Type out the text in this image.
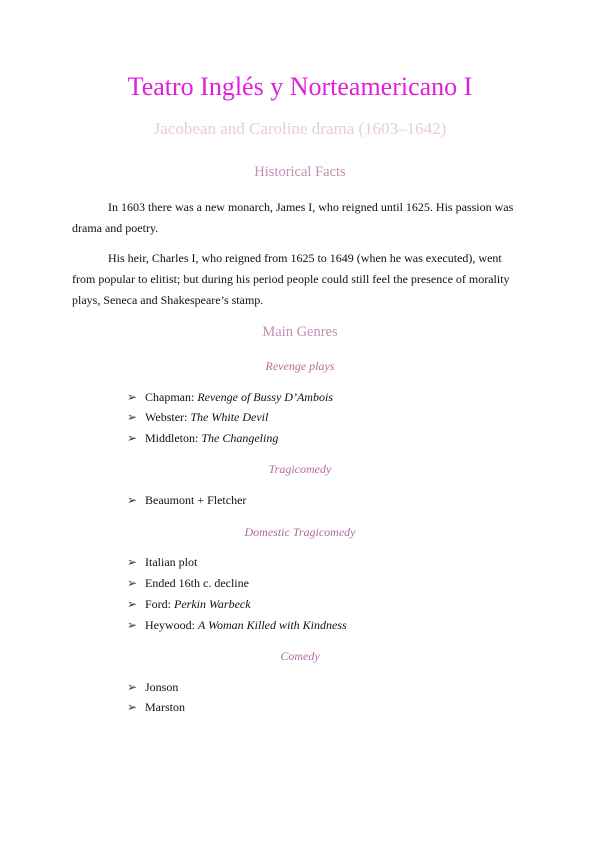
Teatro Inglés y Norteamericano I
Jacobean and Caroline drama (1603–1642)
Historical Facts
In 1603 there was a new monarch, James I, who reigned until 1625. His passion was drama and poetry.
His heir, Charles I, who reigned from 1625 to 1649 (when he was executed), went from popular to elitist; but during his period people could still feel the presence of morality plays, Seneca and Shakespeare’s stamp.
Main Genres
Revenge plays
➢ Chapman: Revenge of Bussy D’Ambois
➢ Webster: The White Devil
➢ Middleton: The Changeling
Tragicomedy
➢ Beaumont + Fletcher
Domestic Tragicomedy
➢ Italian plot
➢ Ended 16th c. decline
➢ Ford: Perkin Warbeck
➢ Heywood: A Woman Killed with Kindness
Comedy
➢ Jonson
➢ Marston
